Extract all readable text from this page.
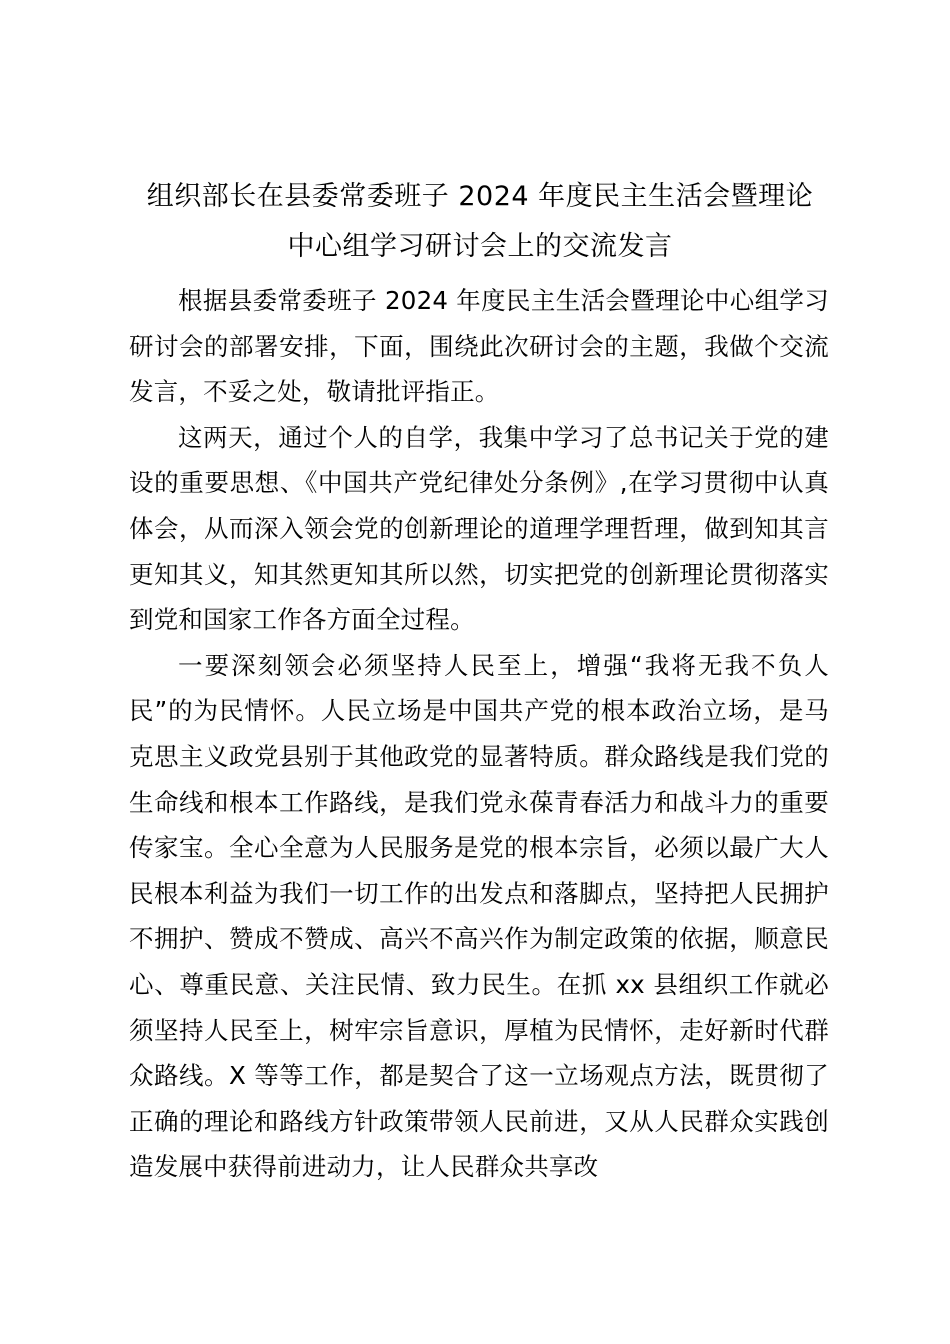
组织部长在县委常委班子 2024 年度民主生活会暨理论
中心组学习研讨会上的交流发言

根据县委常委班子 2024 年度民主生活会暨理论中心组学习研讨会的部署安排，下面，围绕此次研讨会的主题，我做个交流发言，不妥之处，敬请批评指正。

这两天，通过个人的自学，我集中学习了总书记关于党的建设的重要思想、《中国共产党纪律处分条例》,在学习贯彻中认真体会，从而深入领会党的创新理论的道理学理哲理，做到知其言更知其义，知其然更知其所以然，切实把党的创新理论贯彻落实到党和国家工作各方面全过程。

一要深刻领会必须坚持人民至上，增强“我将无我不负人民”的为民情怀。人民立场是中国共产党的根本政治立场，是马克思主义政党县别于其他政党的显著特质。群众路线是我们党的生命线和根本工作路线，是我们党永葆青春活力和战斗力的重要传家宝。全心全意为人民服务是党的根本宗旨，必须以最广大人民根本利益为我们一切工作的出发点和落脚点，坚持把人民拥护不拥护、赞成不赞成、高兴不高兴作为制定政策的依据，顺意民心、尊重民意、关注民情、致力民生。在抓 xx 县组织工作就必须坚持人民至上，树牢宗旨意识，厚植为民情怀，走好新时代群众路线。X 等等工作，都是契合了这一立场观点方法，既贯彻了正确的理论和路线方针政策带领人民前进，又从人民群众实践创造发展中获得前进动力，让人民群众共享改
